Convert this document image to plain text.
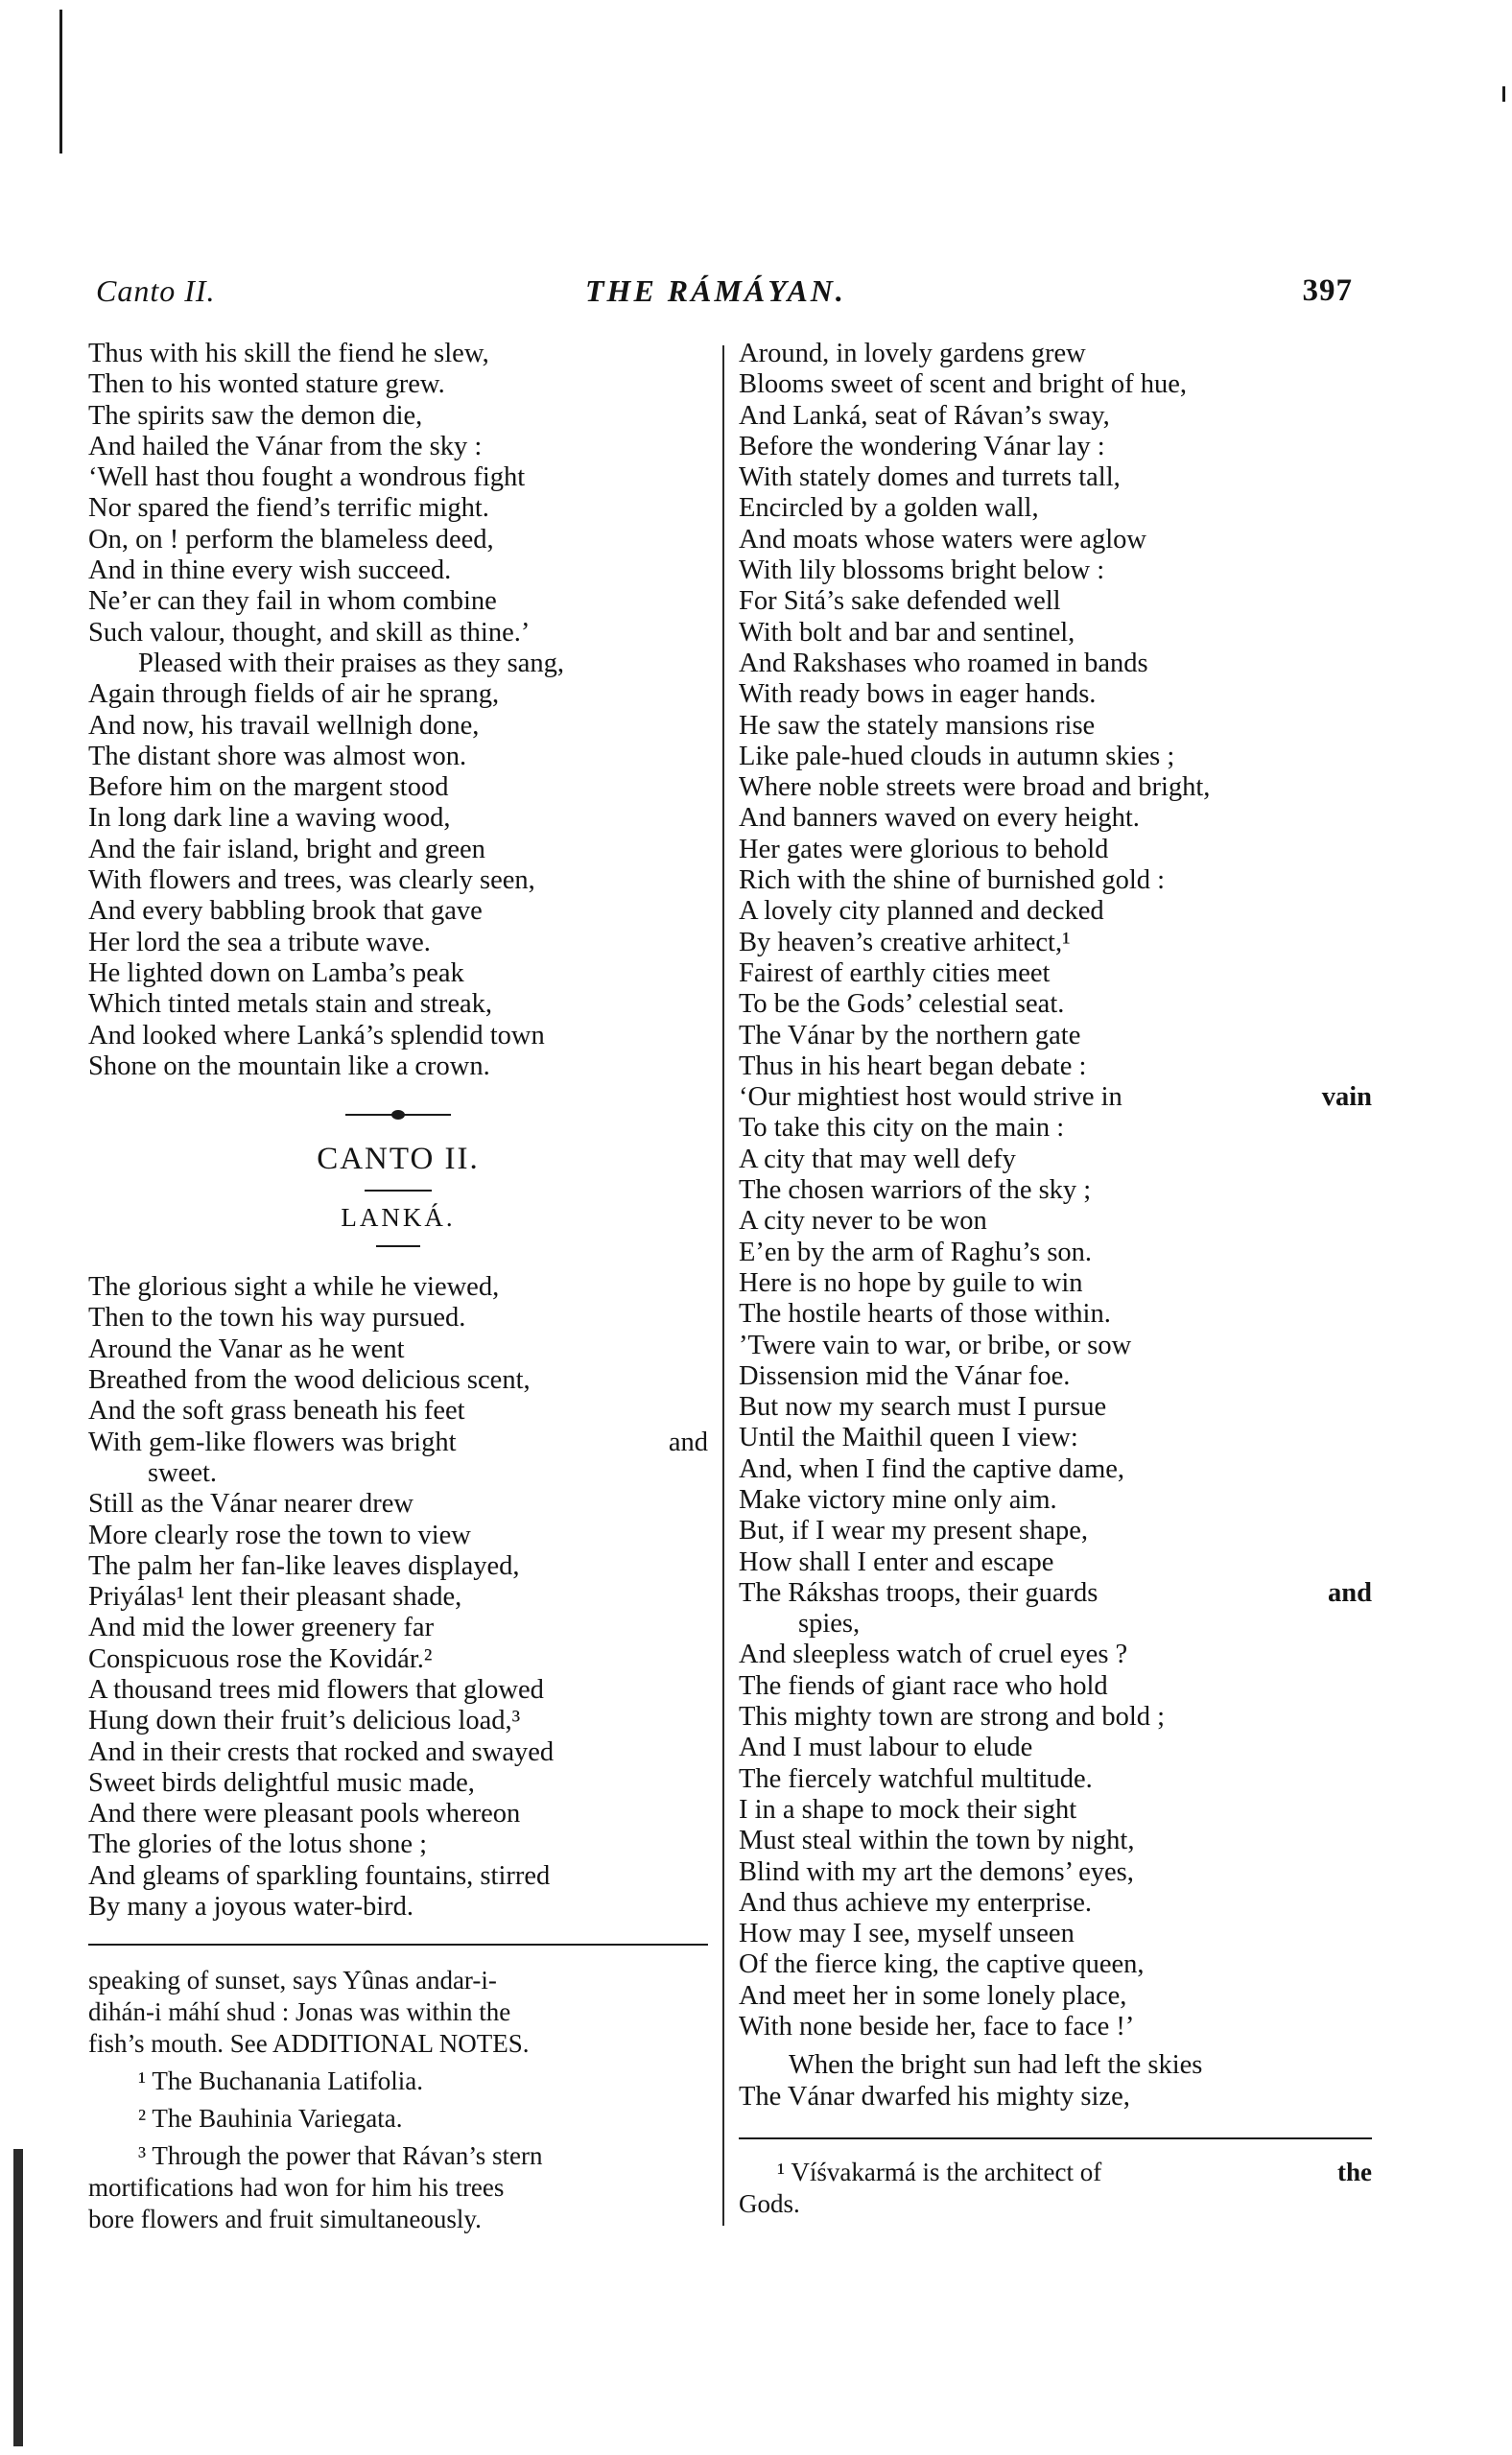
Canto II.	THE RÁMÁYAN.	397
Thus with his skill the fiend he slew,
Then to his wonted stature grew.
The spirits saw the demon die,
And hailed the Vánar from the sky :
‘Well hast thou fought a wondrous fight
Nor spared the fiend’s terrific might.
On, on ! perform the blameless deed,
And in thine every wish succeed.
Ne’er can they fail in whom combine
Such valour, thought, and skill as thine.’
Pleased with their praises as they sang,
Again through fields of air he sprang,
And now, his travail wellnigh done,
The distant shore was almost won.
Before him on the margent stood
In long dark line a waving wood,
And the fair island, bright and green
With flowers and trees, was clearly seen,
And every babbling brook that gave
Her lord the sea a tribute wave.
He lighted down on Lamba’s peak
Which tinted metals stain and streak,
And looked where Lanká’s splendid town
Shone on the mountain like a crown.
CANTO II.
LANKÁ.
The glorious sight a while he viewed,
Then to the town his way pursued.
Around the Vanar as he went
Breathed from the wood delicious scent,
And the soft grass beneath his feet
With gem-like flowers was bright	and
sweet.
Still as the Vánar nearer drew
More clearly rose the town to view
The palm her fan-like leaves displayed,
Priyálas¹ lent their pleasant shade,
And mid the lower greenery far
Conspicuous rose the Kovidár.²
A thousand trees mid flowers that glowed
Hung down their fruit’s delicious load,³
And in their crests that rocked and swayed
Sweet birds delightful music made,
And there were pleasant pools whereon
The glories of the lotus shone ;
And gleams of sparkling fountains, stirred
By many a joyous water-bird.
speaking of sunset, says Yûnas andar-i-
dihán-i máhí shud : Jonas was within the
fish’s mouth. See ADDITIONAL NOTES.
¹ The Buchanania Latifolia.
² The Bauhinia Variegata.
³ Through the power that Rávan’s stern
mortifications had won for him his trees
bore flowers and fruit simultaneously.
Around, in lovely gardens grew
Blooms sweet of scent and bright of hue,
And Lanká, seat of Rávan’s sway,
Before the wondering Vánar lay :
With stately domes and turrets tall,
Encircled by a golden wall,
And moats whose waters were aglow
With lily blossoms bright below :
For Sitá’s sake defended well
With bolt and bar and sentinel,
And Rakshases who roamed in bands
With ready bows in eager hands.
He saw the stately mansions rise
Like pale-hued clouds in autumn skies ;
Where noble streets were broad and bright,
And banners waved on every height.
Her gates were glorious to behold
Rich with the shine of burnished gold :
A lovely city planned and decked
By heaven’s creative arhitect,¹
Fairest of earthly cities meet
To be the Gods’ celestial seat.
The Vánar by the northern gate
Thus in his heart began debate :
‘Our mightiest host would strive in	vain
To take this city on the main :
A city that may well defy
The chosen warriors of the sky ;
A city never to be won
E’en by the arm of Raghu’s son.
Here is no hope by guile to win
The hostile hearts of those within.
’Twere vain to war, or bribe, or sow
Dissension mid the Vánar foe.
But now my search must I pursue
Until the Maithil queen I view:
And, when I find the captive dame,
Make victory mine only aim.
But, if I wear my present shape,
How shall I enter and escape
The Rákshas troops, their guards	and
spies,
And sleepless watch of cruel eyes ?
The fiends of giant race who hold
This mighty town are strong and bold ;
And I must labour to elude
The fiercely watchful multitude.
I in a shape to mock their sight
Must steal within the town by night,
Blind with my art the demons’ eyes,
And thus achieve my enterprise.
How may I see, myself unseen
Of the fierce king, the captive queen,
And meet her in some lonely place,
With none beside her, face to face !’
When the bright sun had left the skies
The Vánar dwarfed his mighty size,
¹ Víśvakarmá is the architect of	the
Gods.
